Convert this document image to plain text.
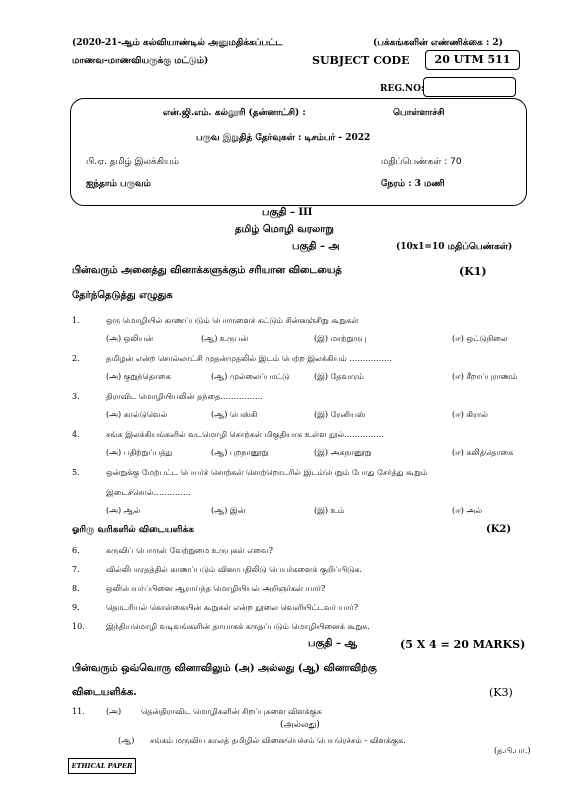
(2020-21-ஆம் கல்வியாண்டில் அனுமதிக்கப்பட்ட	(பக்கங்களின் எண்ணிக்கை : 2)
மாணவ-மாணவியருக்கு மட்டும்)	SUBJECT CODE	20 UTM 511
REG.NO:
என்.ஜி.எம். கல்லூரி (தன்னாட்சி) :	பொள்ளாச்சி
பருவ இறுதித் தேர்வுகள் : டிசம்பர் - 2022
பி.ஏ. தமிழ் இலக்கியம்	மதிப்பெண்கள் : 70
ஐந்தாம் பருவம்	நேரம் : 3 மணி
பகுதி – III
தமிழ் மொழி வரலாறு
பகுதி – அ	(10x1=10 மதிப்பெண்கள்)
பின்வரும் அனைத்து வினாக்களுக்கும் சரியான விடையைத்	(K1)
தேர்ந்தெடுத்து எழுதுக
1.	ஒரு மொழியில் காணப்படும் பொருளைச் சுட்டும் சின்னஞ்சிறு கூறுகள்
(அ) ஒலியன்	(ஆ) உருபன்	(இ) மாற்றுருபு	(ஈ) ஒட்டுநிலை
2.	தமிழன் என்ற சொல்லாட்சி முதன்முதலில் இடம் பெற்ற இலக்கியம் …………….
(அ) குறுந்தொகை	(ஆ) முல்லைப்பாட்டு	(இ) தேவாரம்	(ஈ) சீறாப்புராணம்
3.	திராவிட மொழியியலின் தந்தை…………….
(அ) கால்டுவெல்	(ஆ) பெஸ்கி	(இ) ரேனியஸ்	(ஈ) கிரால்
4.	சங்க இலக்கியங்களில் வடமொழி சொற்கள் மிகுதியாக உள்ள நூல்……………
(அ) பதிற்றுப்பத்து	(ஆ) புறநானூறு	(இ) அகநானூறு	(ஈ) கலித்தொகை
5.	ஒன்றுக்கு மேற்பட்ட பெயர்ச் சொற்கள் சொற்றொடரில் இடம்பெறும் போது சேர்த்து கூறும்
இடைச்சொல்…………..
(அ) ஆல்	(ஆ) இன்	(இ) உம்	(ஈ) அல்
ஓரிரு வரிகளில் விடையளிக்க	(K2)
6.	கருவிப் பொருள் வேற்றுமை உருபுகள் எவை?
7.	வில்லிபாரதத்தில் காணப்படும் வினாபதிலிடு பெயர்களைக் குறிப்பிடுக.
8.	ஒலிபெயர்ப்பினை ஆராய்ந்த மொழியியல் அறிஞர்கள் யார்?
9.	தொடரியல் கொள்கையின் கூறுகள் என்ற நூலை வெளியிட்டவர் யார்?
10.	இந்தியமொழி வடிவங்களின் தாயாகக் கருதப்படும் மொழியினைக் கூறுக.
பகுதி – ஆ	(5 X 4 = 20 MARKS)
பின்வரும் ஒவ்வொரு வினாவிலும் (அ) அல்லது (ஆ) வினாவிற்கு
விடையளிக்க.	(K3)
11.	(அ) தென்திராவிட மொழிகளின் சிறப்புகளை விளக்குக
(அல்லது)
(ஆ) சங்கம் மருவிய காலத் தமிழில் வினையெச்சம் பெயரெச்சம் - விளக்குக.
(த.பி.பா.)
ETHICAL PAPER
